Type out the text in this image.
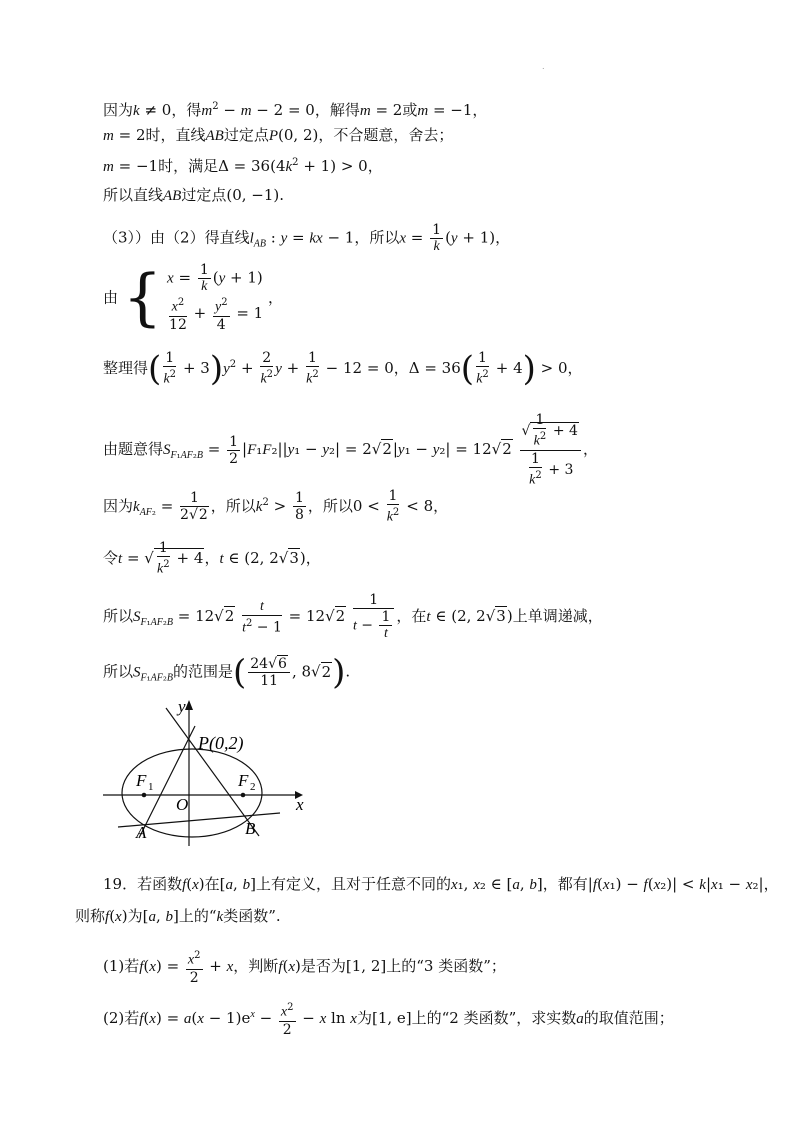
.
因为k ≠ 0，得$m^2 - m - 2 = 0$，解得m = 2或m = −1，
m = 2时，直线AB过定点P(0, 2)，不合题意，舍去；
m = −1时，满足$\Delta = 36(4k^2 + 1) > 0$，
所以直线AB过定点(0, −1).
（3））由（2）得直线$l_{AB}$ : y = kx − 1，所以$x = \frac{1}{k} (y + 1)$，
由 { $x = \frac{1}{k} (y + 1)$
$\frac{x^2}{12} + \frac{y^2}{4} = 1$
，
整理得( $\frac{1}{k^2} + 3)y^2 + \frac{2}{k^2}$ $y + \frac{1}{k^2} - 12 = 0$，$\Delta = 36( \frac{1}{k^2} + 4) > 0$，
由题意得$S_{F_1AF_2B} = \frac{1}{2} |F_1F_2||y_1 - y_2| = 2√2|y_1 - y_2| = 12√2 \frac{√ \frac{1}{k^2} + 4}{\frac{1}{k^2} + 3}$ ，
因为$k_{AF_2} = \frac{1}{2√2}$ ，所以$k^2 > \frac{1}{8}$ ，所以$0 < \frac{1}{k^2} < 8$，
令t = √ $\frac{1}{k^2} + 4$，t ∈ (2, 2√3)，
所以$S_{F_1AF_2B} = 12√2 \frac{t}{t^2 - 1} = 12√2 \frac{1}{t - \frac{1}{t}}$ ，在t ∈ (2, 2√3)上单调递减，
所以$S_{F_1AF_2B}$的范围是( $\frac{24√6}{11}$ , 8√2).
y
x
P(0,2)
F 1	F 2
O
A	B
19．若函数f(x)在[a, b]上有定义，且对于任意不同的x₁, x₂ ∈ [a, b]，都有|f(x₁) − f(x₂)| < k|x₁ − x₂|，
则称f(x)为[a, b]上的“k类函数”.
(1)若$f(x) = \frac{x^2}{2} + x$，判断f(x)是否为[1, 2]上的“3 类函数”；
(2)若$f(x) = a(x - 1)e^x - \frac{x^2}{2} - x$ ln x为[1, e]上的“2 类函数”，求实数a的取值范围；
